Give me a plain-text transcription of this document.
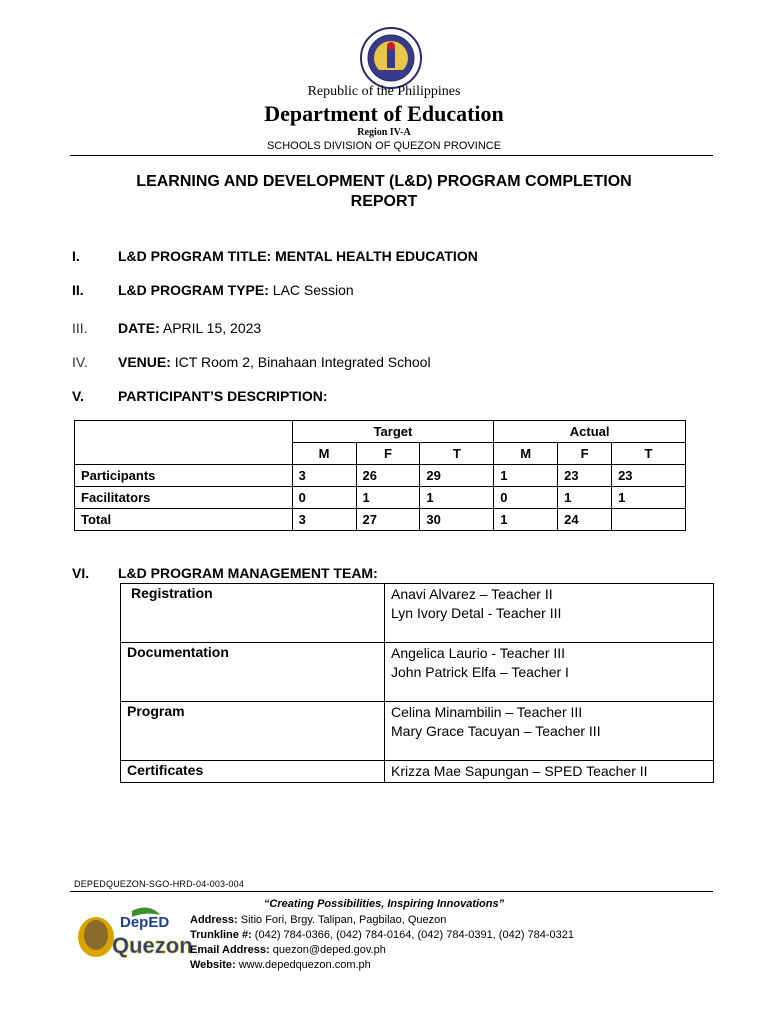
Republic of the Philippines
Department of Education
Region IV-A
SCHOOLS DIVISION OF QUEZON PROVINCE
LEARNING AND DEVELOPMENT (L&D) PROGRAM COMPLETION
REPORT
I.	L&D PROGRAM TITLE: MENTAL HEALTH EDUCATION
II. L&D PROGRAM TYPE: LAC Session
III. DATE: APRIL 15, 2023
IV. VENUE: ICT Room 2, Binahaan Integrated School
V. PARTICIPANT’S DESCRIPTION:
	Target			Actual		
	M	F	T	M	F	T
Participants	3	26	29	1	23	23
Facilitators	0	1	1	0	1	1
Total	3	27	30	1	24	
VI. L&D PROGRAM MANAGEMENT TEAM:
Registration	Anavi Alvarez – Teacher II
Lyn Ivory Detal - Teacher III

Documentation	Angelica Laurio - Teacher III
John Patrick Elfa – Teacher I

Program	Celina Minambilin – Teacher III
Mary Grace Tacuyan – Teacher III

Certificates	Krizza Mae Sapungan – SPED Teacher II
DEPEDQUEZON-SGO-HRD-04-003-004
“Creating Possibilities, Inspiring Innovations”
DepED
Quezon
Address: Sitio Fori, Brgy. Talipan, Pagbilao, Quezon
Trunkline #: (042) 784-0366, (042) 784-0164, (042) 784-0391, (042) 784-0321
Email Address: quezon@deped.gov.ph
Website: www.depedquezon.com.ph
